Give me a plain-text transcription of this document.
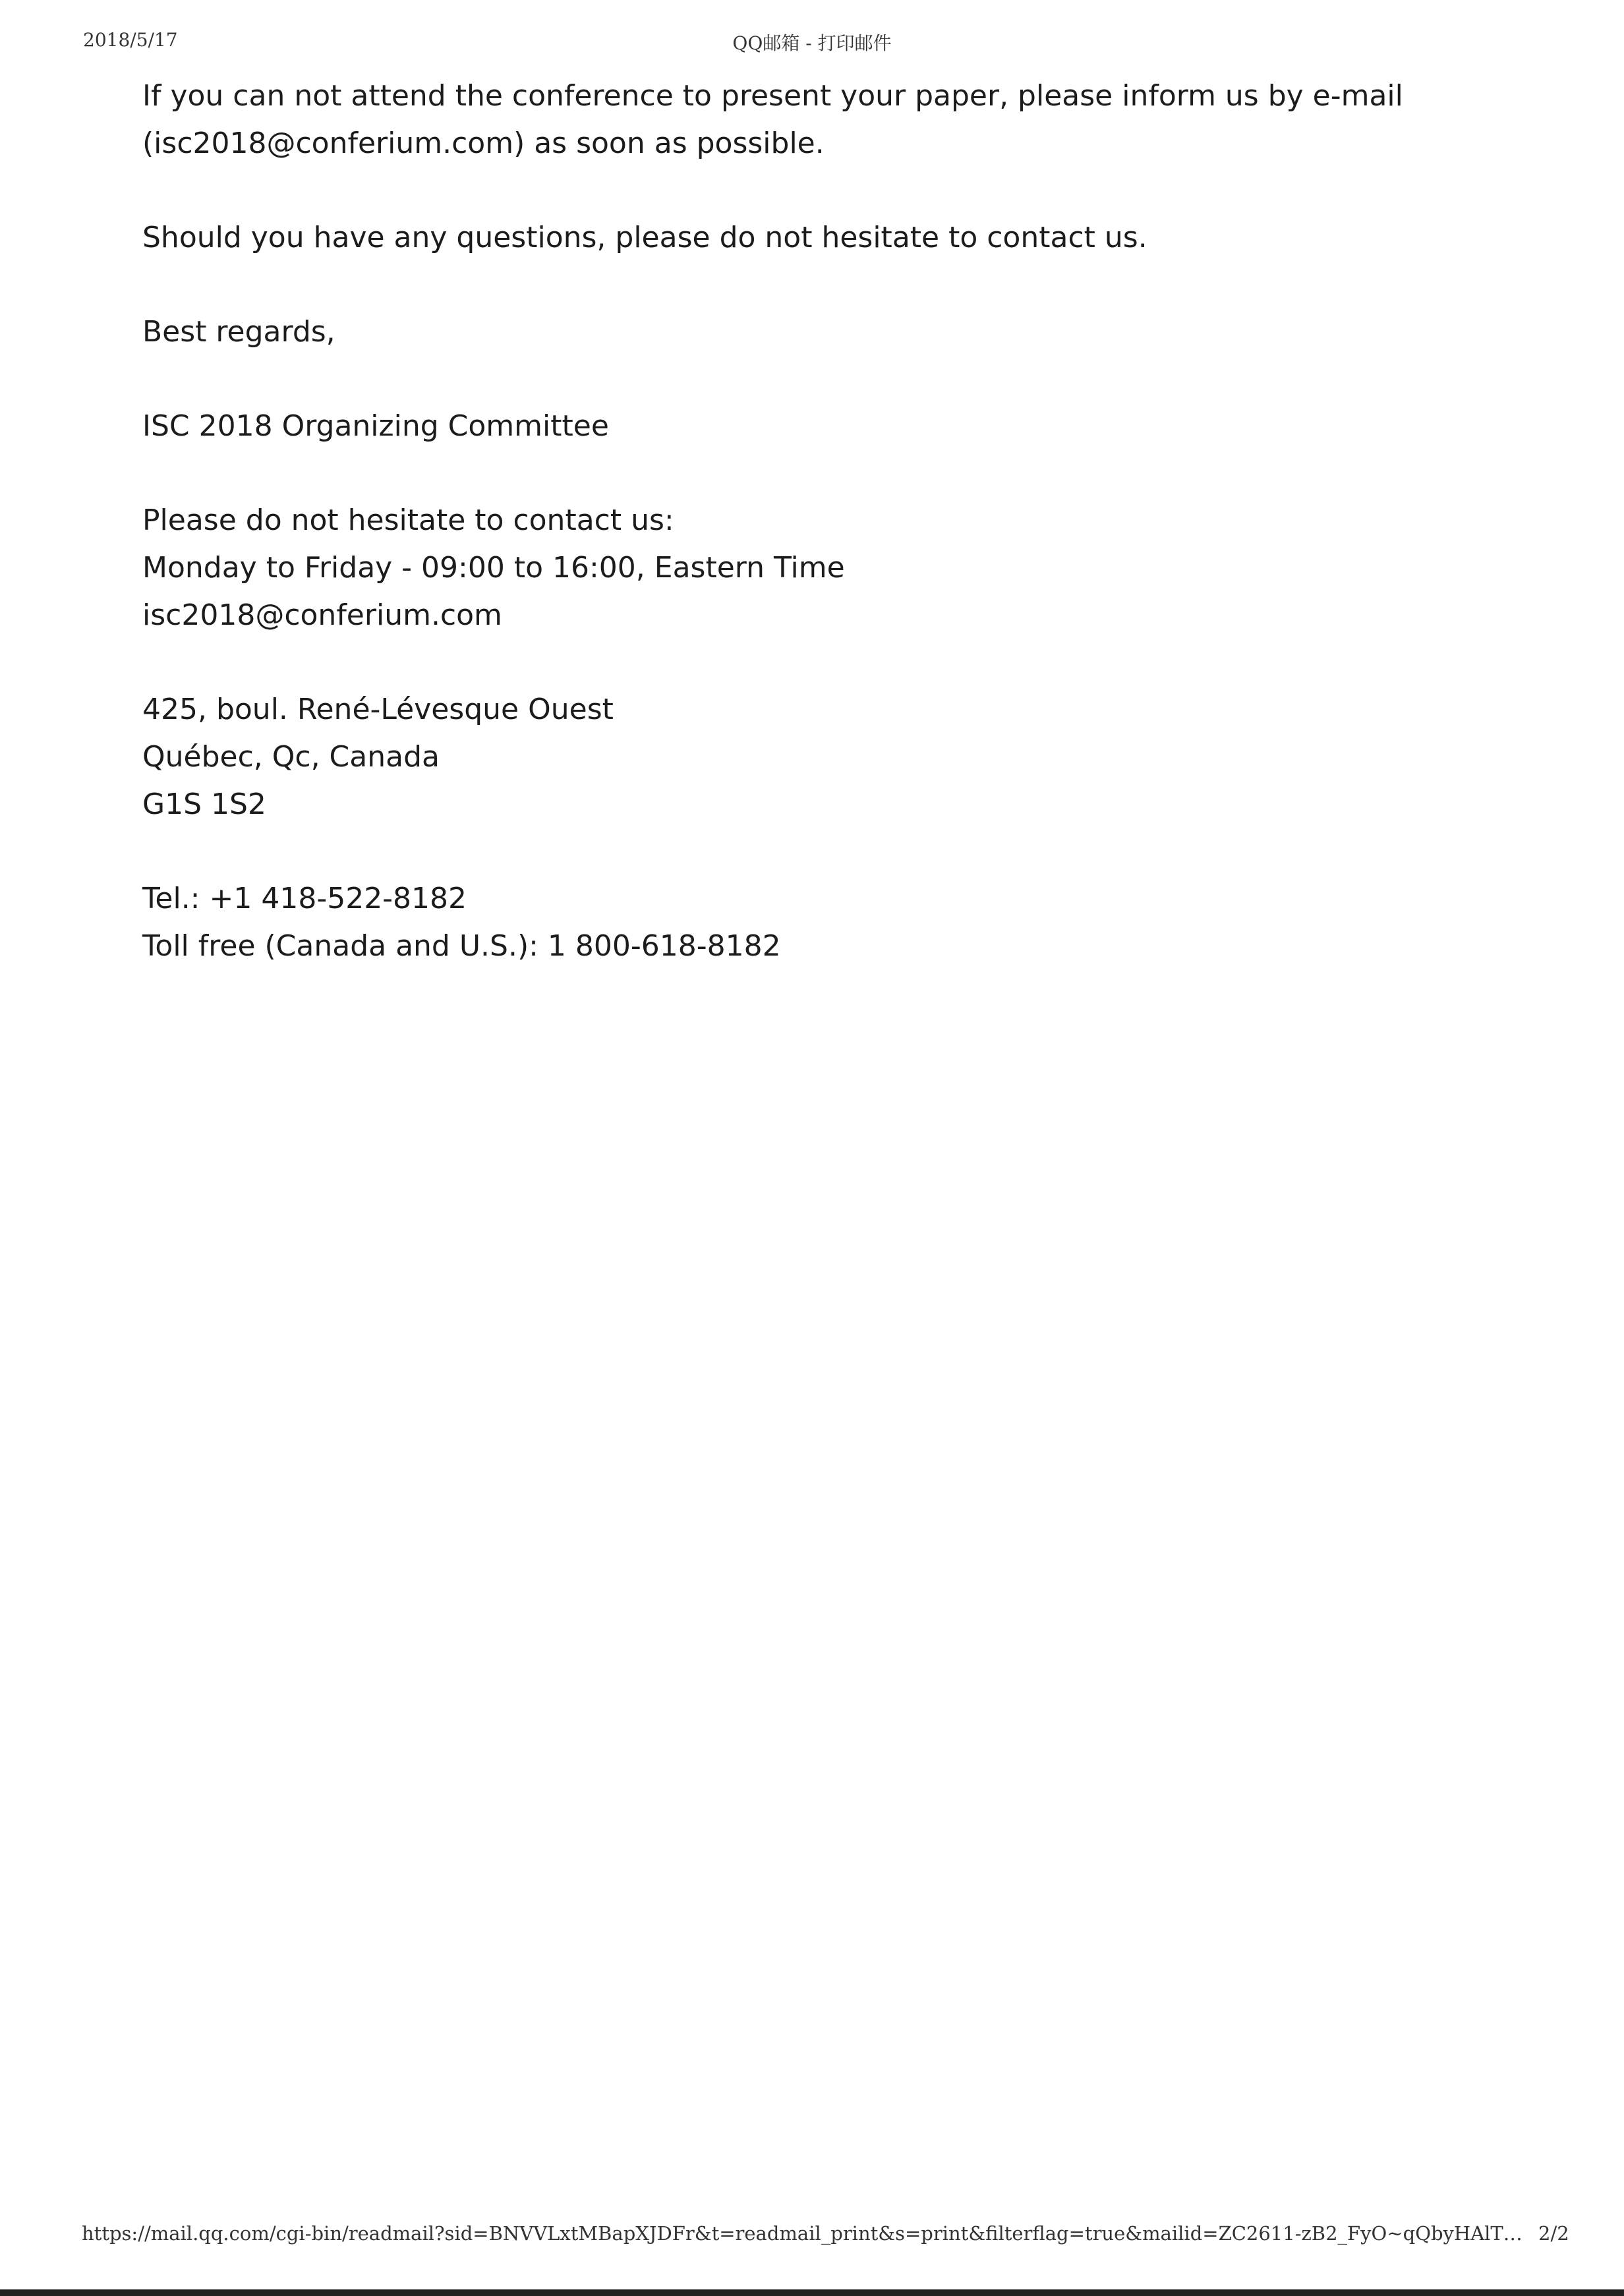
2018/5/17	QQ邮箱 - 打印邮件
If you can not attend the conference to present your paper, please inform us by e-mail
(isc2018@conferium.com) as soon as possible.
Should you have any questions, please do not hesitate to contact us.
Best regards,
ISC 2018 Organizing Committee
Please do not hesitate to contact us:
Monday to Friday - 09:00 to 16:00, Eastern Time
isc2018@conferium.com
425, boul. René-Lévesque Ouest
Québec, Qc, Canada
G1S 1S2
Tel.: +1 418-522-8182
Toll free (Canada and U.S.): 1 800-618-8182
https://mail.qq.com/cgi-bin/readmail?sid=BNVVLxtMBapXJDFr&t=readmail_print&s=print&filterflag=true&mailid=ZC2611-zB2_FyO~qQbyHAlT… 2/2
